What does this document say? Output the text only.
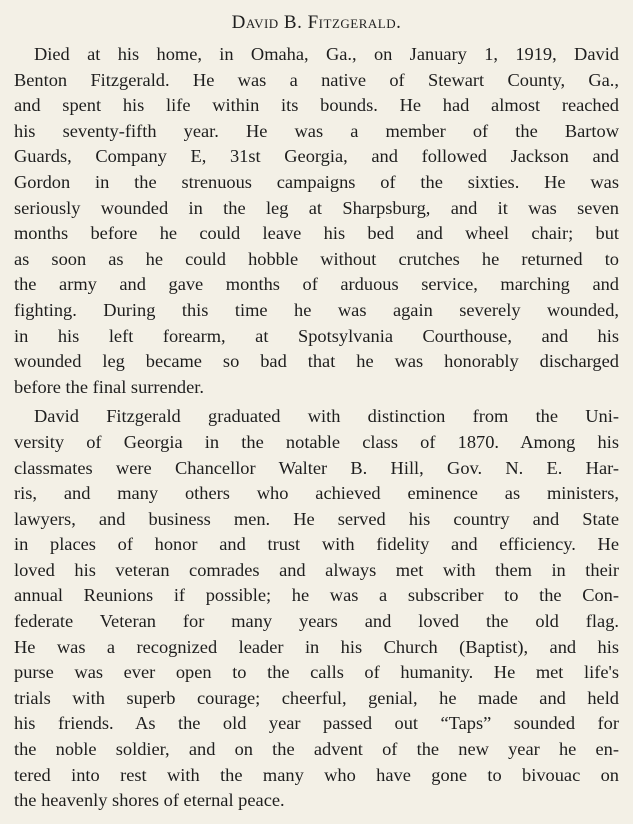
David B. Fitzgerald.

Died at his home, in Omaha, Ga., on January 1, 1919, David
Benton Fitzgerald. He was a native of Stewart County, Ga.,
and spent his life within its bounds. He had almost reached
his seventy-fifth year. He was a member of the Bartow
Guards, Company E, 31st Georgia, and followed Jackson and
Gordon in the strenuous campaigns of the sixties. He was
seriously wounded in the leg at Sharpsburg, and it was seven
months before he could leave his bed and wheel chair; but
as soon as he could hobble without crutches he returned to
the army and gave months of arduous service, marching and
fighting. During this time he was again severely wounded,
in his left forearm, at Spotsylvania Courthouse, and his
wounded leg became so bad that he was honorably discharged
before the final surrender.

David Fitzgerald graduated with distinction from the Uni-
versity of Georgia in the notable class of 1870. Among his
classmates were Chancellor Walter B. Hill, Gov. N. E. Har-
ris, and many others who achieved eminence as ministers,
lawyers, and business men. He served his country and State
in places of honor and trust with fidelity and efficiency. He
loved his veteran comrades and always met with them in their
annual Reunions if possible; he was a subscriber to the Con-
federate Veteran for many years and loved the old flag.
He was a recognized leader in his Church (Baptist), and his
purse was ever open to the calls of humanity. He met life's
trials with superb courage; cheerful, genial, he made and held
his friends. As the old year passed out “Taps” sounded for
the noble soldier, and on the advent of the new year he en-
tered into rest with the many who have gone to bivouac on
the heavenly shores of eternal peace.
